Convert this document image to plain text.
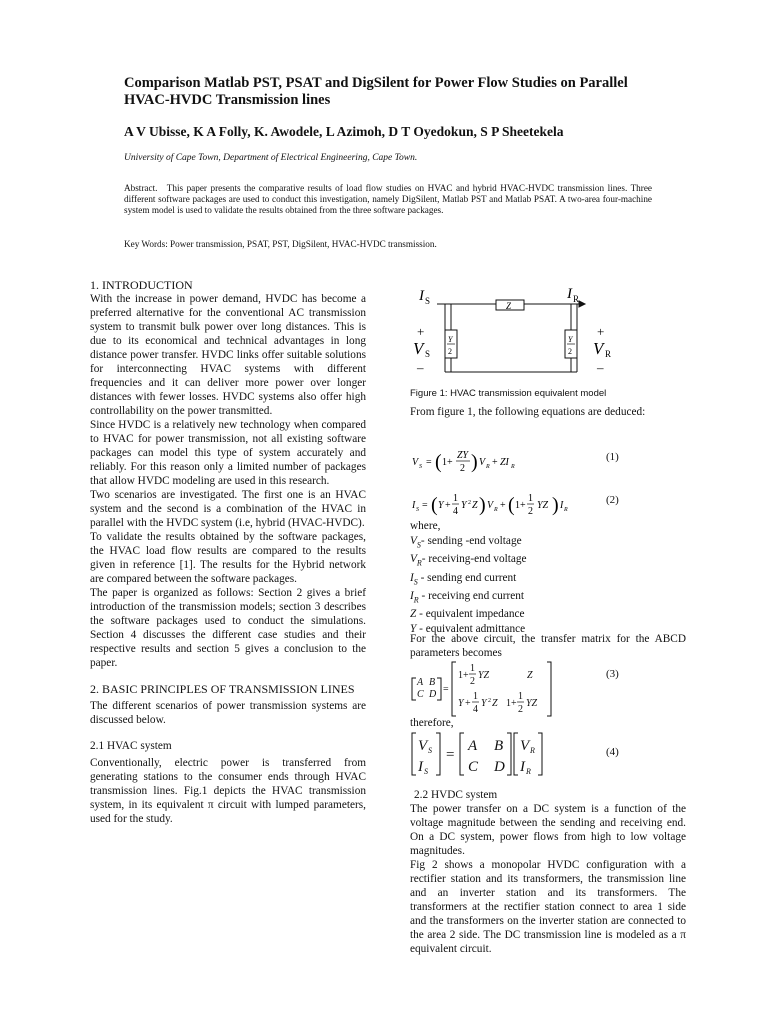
Comparison Matlab PST, PSAT and DigSilent for Power Flow Studies on Parallel HVAC-HVDC Transmission lines
A V Ubisse, K A Folly, K. Awodele, L Azimoh, D T Oyedokun, S P Sheetekela
University of Cape Town, Department of Electrical Engineering, Cape Town.
Abstract. This paper presents the comparative results of load flow studies on HVAC and hybrid HVAC-HVDC transmission lines. Three different software packages are used to conduct this investigation, namely DigSilent, Matlab PST and Matlab PSAT. A two-area four-machine system model is used to validate the results obtained from the three software packages.
Key Words: Power transmission, PSAT, PST, DigSilent, HVAC-HVDC transmission.
1. INTRODUCTION

With the increase in power demand, HVDC has become a preferred alternative for the conventional AC transmission system to transmit bulk power over long distances. This is due to its economical and technical advantages in long distance power transfer. HVDC links offer suitable solutions for interconnecting HVAC systems with different frequencies and it can deliver more power over longer distances with fewer losses. HVDC systems also offer high controllability on the power transmitted.

Since HVDC is a relatively new technology when compared to HVAC for power transmission, not all existing software packages can model this type of system accurately and reliably. For this reason only a limited number of packages that allow HVDC modeling are used in this research.

Two scenarios are investigated. The first one is an HVAC system and the second is a combination of the HVAC in parallel with the HVDC system (i.e, hybrid (HVAC-HVDC).

To validate the results obtained by the software packages, the HVAC load flow results are compared to the results given in reference [1]. The results for the Hybrid network are compared between the software packages.

The paper is organized as follows: Section 2 gives a brief introduction of the transmission models; section 3 describes the software packages used to conduct the simulations. Section 4 discusses the different case studies and their respective results and section 5 gives a conclusion to the paper.

2. BASIC PRINCIPLES OF TRANSMISSION LINES

The different scenarios of power transmission systems are discussed below.

2.1 HVAC system

Conventionally, electric power is transferred from generating stations to the consumer ends through HVAC transmission lines. Fig.1 depicts the HVAC transmission system, in its equivalent π circuit with lumped parameters, used for the study.

I S	I R
Z
Y
2
Y
2
+
V S
–
+
V R
–
Figure 1: HVAC transmission equivalent model
From figure 1, the following equations are deduced:
V S = ( 1+
ZY
2 ) V R + ZI R
(1)
I S = ( Y +
1
4
Y 2 Z ) V R + ( 1+
1
2
YZ ) I R
(2)
where,
$V_S-$ sending -end voltage
$V_R-$ receiving-end voltage
$I_S$ - sending end current
$I_R$ - receiving end current
Z - equivalent impedance
Y - equivalent admittance
For the above circuit, the transfer matrix for the ABCD parameters becomes
A B
C D =
1+
1
2
YZ	Z
Y +
1
4
Y 2 Z 1+
1
2
YZ
(3)
therefore,
V S
I S
=
A B
C D
V R
I R
(4)
2.2 HVDC system

The power transfer on a DC system is a function of the voltage magnitude between the sending and receiving end. On a DC system, power flows from high to low voltage magnitudes.

Fig 2 shows a monopolar HVDC configuration with a rectifier station and its transformers, the transmission line and an inverter station and its transformers. The transformers at the rectifier station connect to area 1 side and the transformers on the inverter station are connected to the area 2 side. The DC transmission line is modeled as a π equivalent circuit.
